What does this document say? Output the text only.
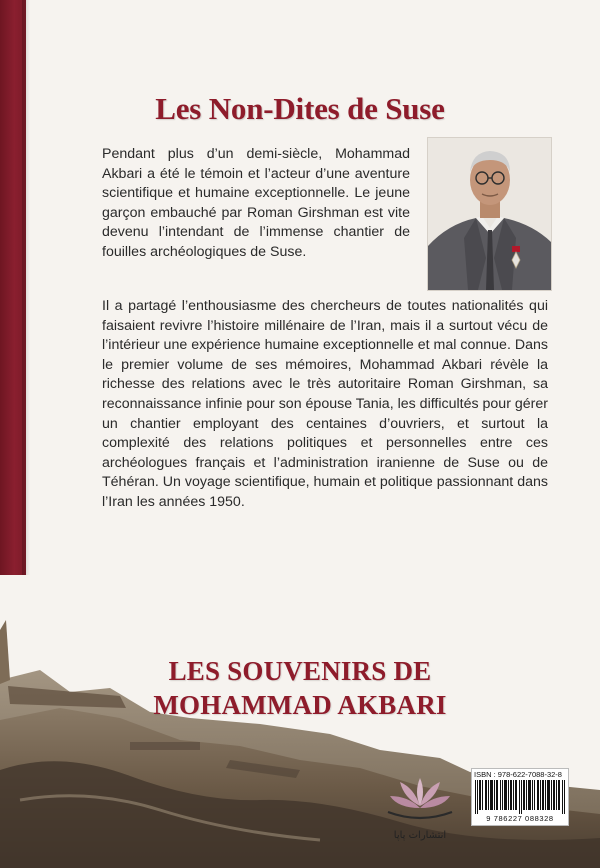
Les Non-Dites de Suse
Pendant plus d’un demi-siècle, Mohammad Akbari a été le témoin et l’acteur d’une aventure scientifique et humaine exceptionnelle. Le jeune garçon embauché par Roman Girshman est vite devenu l’intendant de l’immense chantier de fouilles archéologiques de Suse.
Il a partagé l’enthousiasme des chercheurs de toutes nationalités qui faisaient revivre l’histoire millénaire de l’Iran, mais il a surtout vécu de l’intérieur une expérience humaine exceptionnelle et mal connue. Dans le premier volume de ses mémoires, Mohammad Akbari révèle la richesse des relations avec le très autoritaire Roman Girshman, sa reconnaissance infinie pour son épouse Tania, les difficultés pour gérer un chantier employant des centaines d’ouvriers, et surtout la complexité des relations politiques et personnelles entre ces archéologues français et l’administration iranienne de Suse ou de Téhéran. Un voyage scientifique, humain et politique passionnant dans l’Iran les années 1950.
LES SOUVENIRS DE
MOHAMMAD AKBARI
انتشارات پاپا
ISBN : 978-622-7088-32-8
9 786227 088328
